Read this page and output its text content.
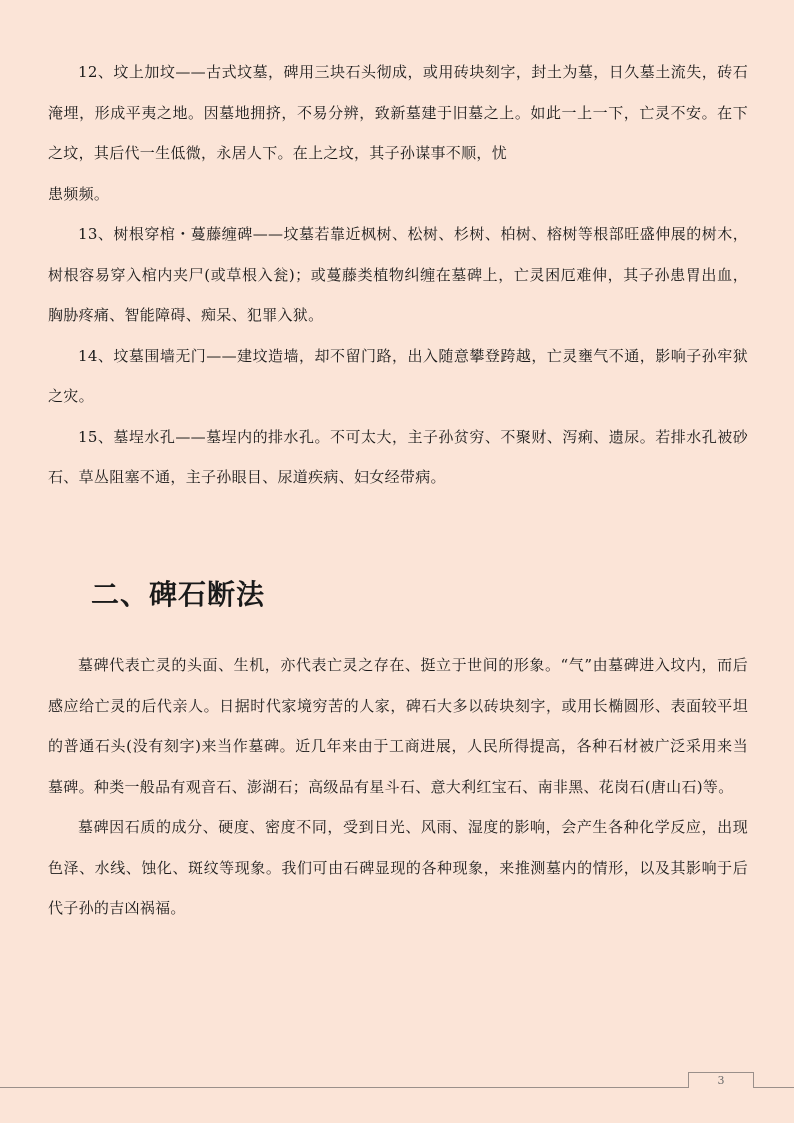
12、坟上加坟——古式坟墓，碑用三块石头彻成，或用砖块刻字，封土为墓，日久墓土流失，砖石淹埋，形成平夷之地。因墓地拥挤，不易分辨，致新墓建于旧墓之上。如此一上一下，亡灵不安。在下之坟，其后代一生低微，永居人下。在上之坟，其子孙谋事不顺，忧

患频频。

13、树根穿棺・蔓藤缠碑——坟墓若靠近枫树、松树、杉树、柏树、榕树等根部旺盛伸展的树木，树根容易穿入棺内夹尸(或草根入瓮)；或蔓藤类植物纠缠在墓碑上，亡灵困厄难伸，其子孙患胃出血，胸胁疼痛、智能障碍、痴呆、犯罪入狱。

14、坟墓围墙无门——建坟造墙，却不留门路，出入随意攀登跨越，亡灵壅气不通，影响子孙牢狱之灾。

15、墓埕水孔——墓埕内的排水孔。不可太大，主子孙贫穷、不聚财、泻痢、遗尿。若排水孔被砂石、草丛阻塞不通，主子孙眼目、尿道疾病、妇女经带病。

二、碑石断法

墓碑代表亡灵的头面、生机，亦代表亡灵之存在、挺立于世间的形象。“气”由墓碑进入坟内，而后感应给亡灵的后代亲人。日据时代家境穷苦的人家，碑石大多以砖块刻字，或用长椭圆形、表面较平坦的普通石头(没有刻字)来当作墓碑。近几年来由于工商进展，人民所得提高，各种石材被广泛采用来当墓碑。种类一般品有观音石、澎湖石；高级品有星斗石、意大利红宝石、南非黑、花岗石(唐山石)等。

墓碑因石质的成分、硬度、密度不同，受到日光、风雨、湿度的影响，会产生各种化学反应，出现色泽、水线、蚀化、斑纹等现象。我们可由石碑显现的各种现象，来推测墓内的情形，以及其影响于后代子孙的吉凶祸福。

3
